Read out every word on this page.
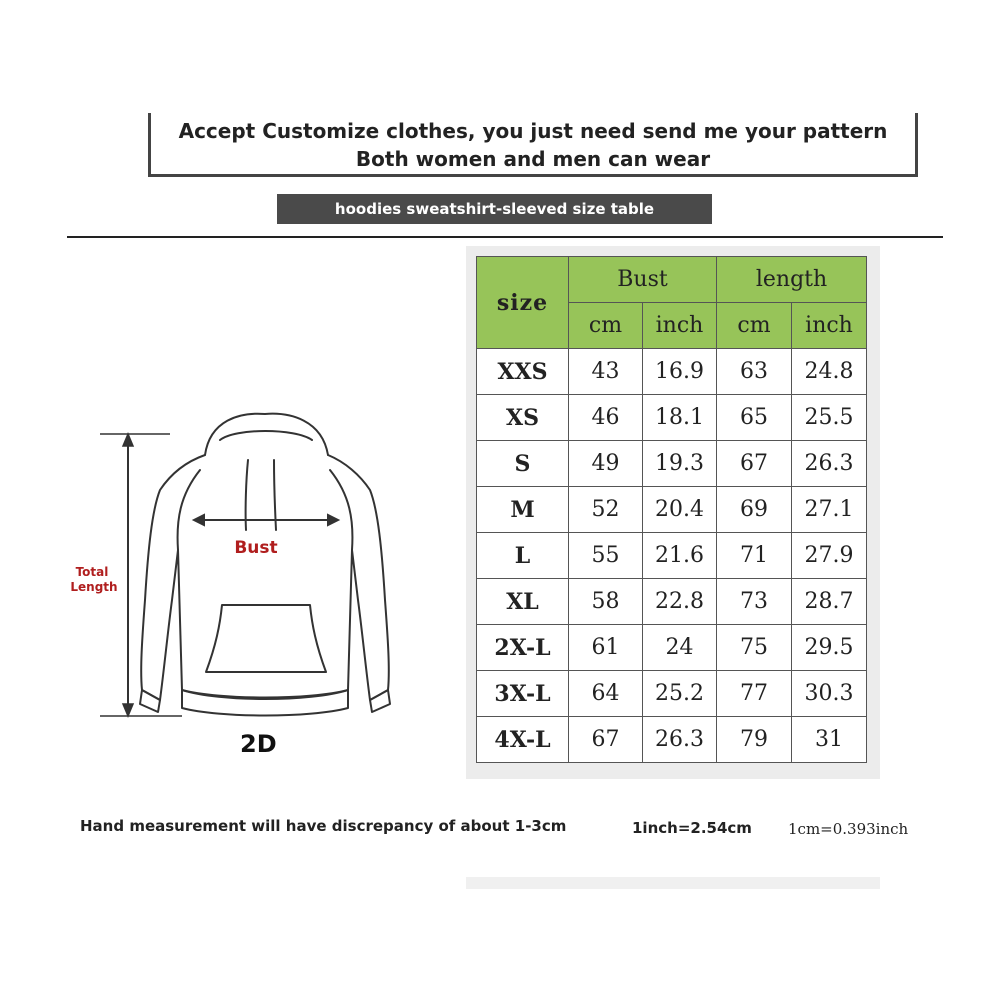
Accept Customize clothes, you just need send me your pattern
Both women and men can wear
hoodies sweatshirt-sleeved size table
size	Bust		length	
	cm	inch	cm	inch
XXS	43	16.9	63	24.8
XS	46	18.1	65	25.5
S	49	19.3	67	26.3
M	52	20.4	69	27.1
L	55	21.6	71	27.9
XL	58	22.8	73	28.7
2X-L	61	24	75	29.5
3X-L	64	25.2	77	30.3
4X-L	67	26.3	79	31
Bust
Total
Length
2D
Hand measurement will have discrepancy of about 1-3cm	1inch=2.54cm 1cm=0.393inch
